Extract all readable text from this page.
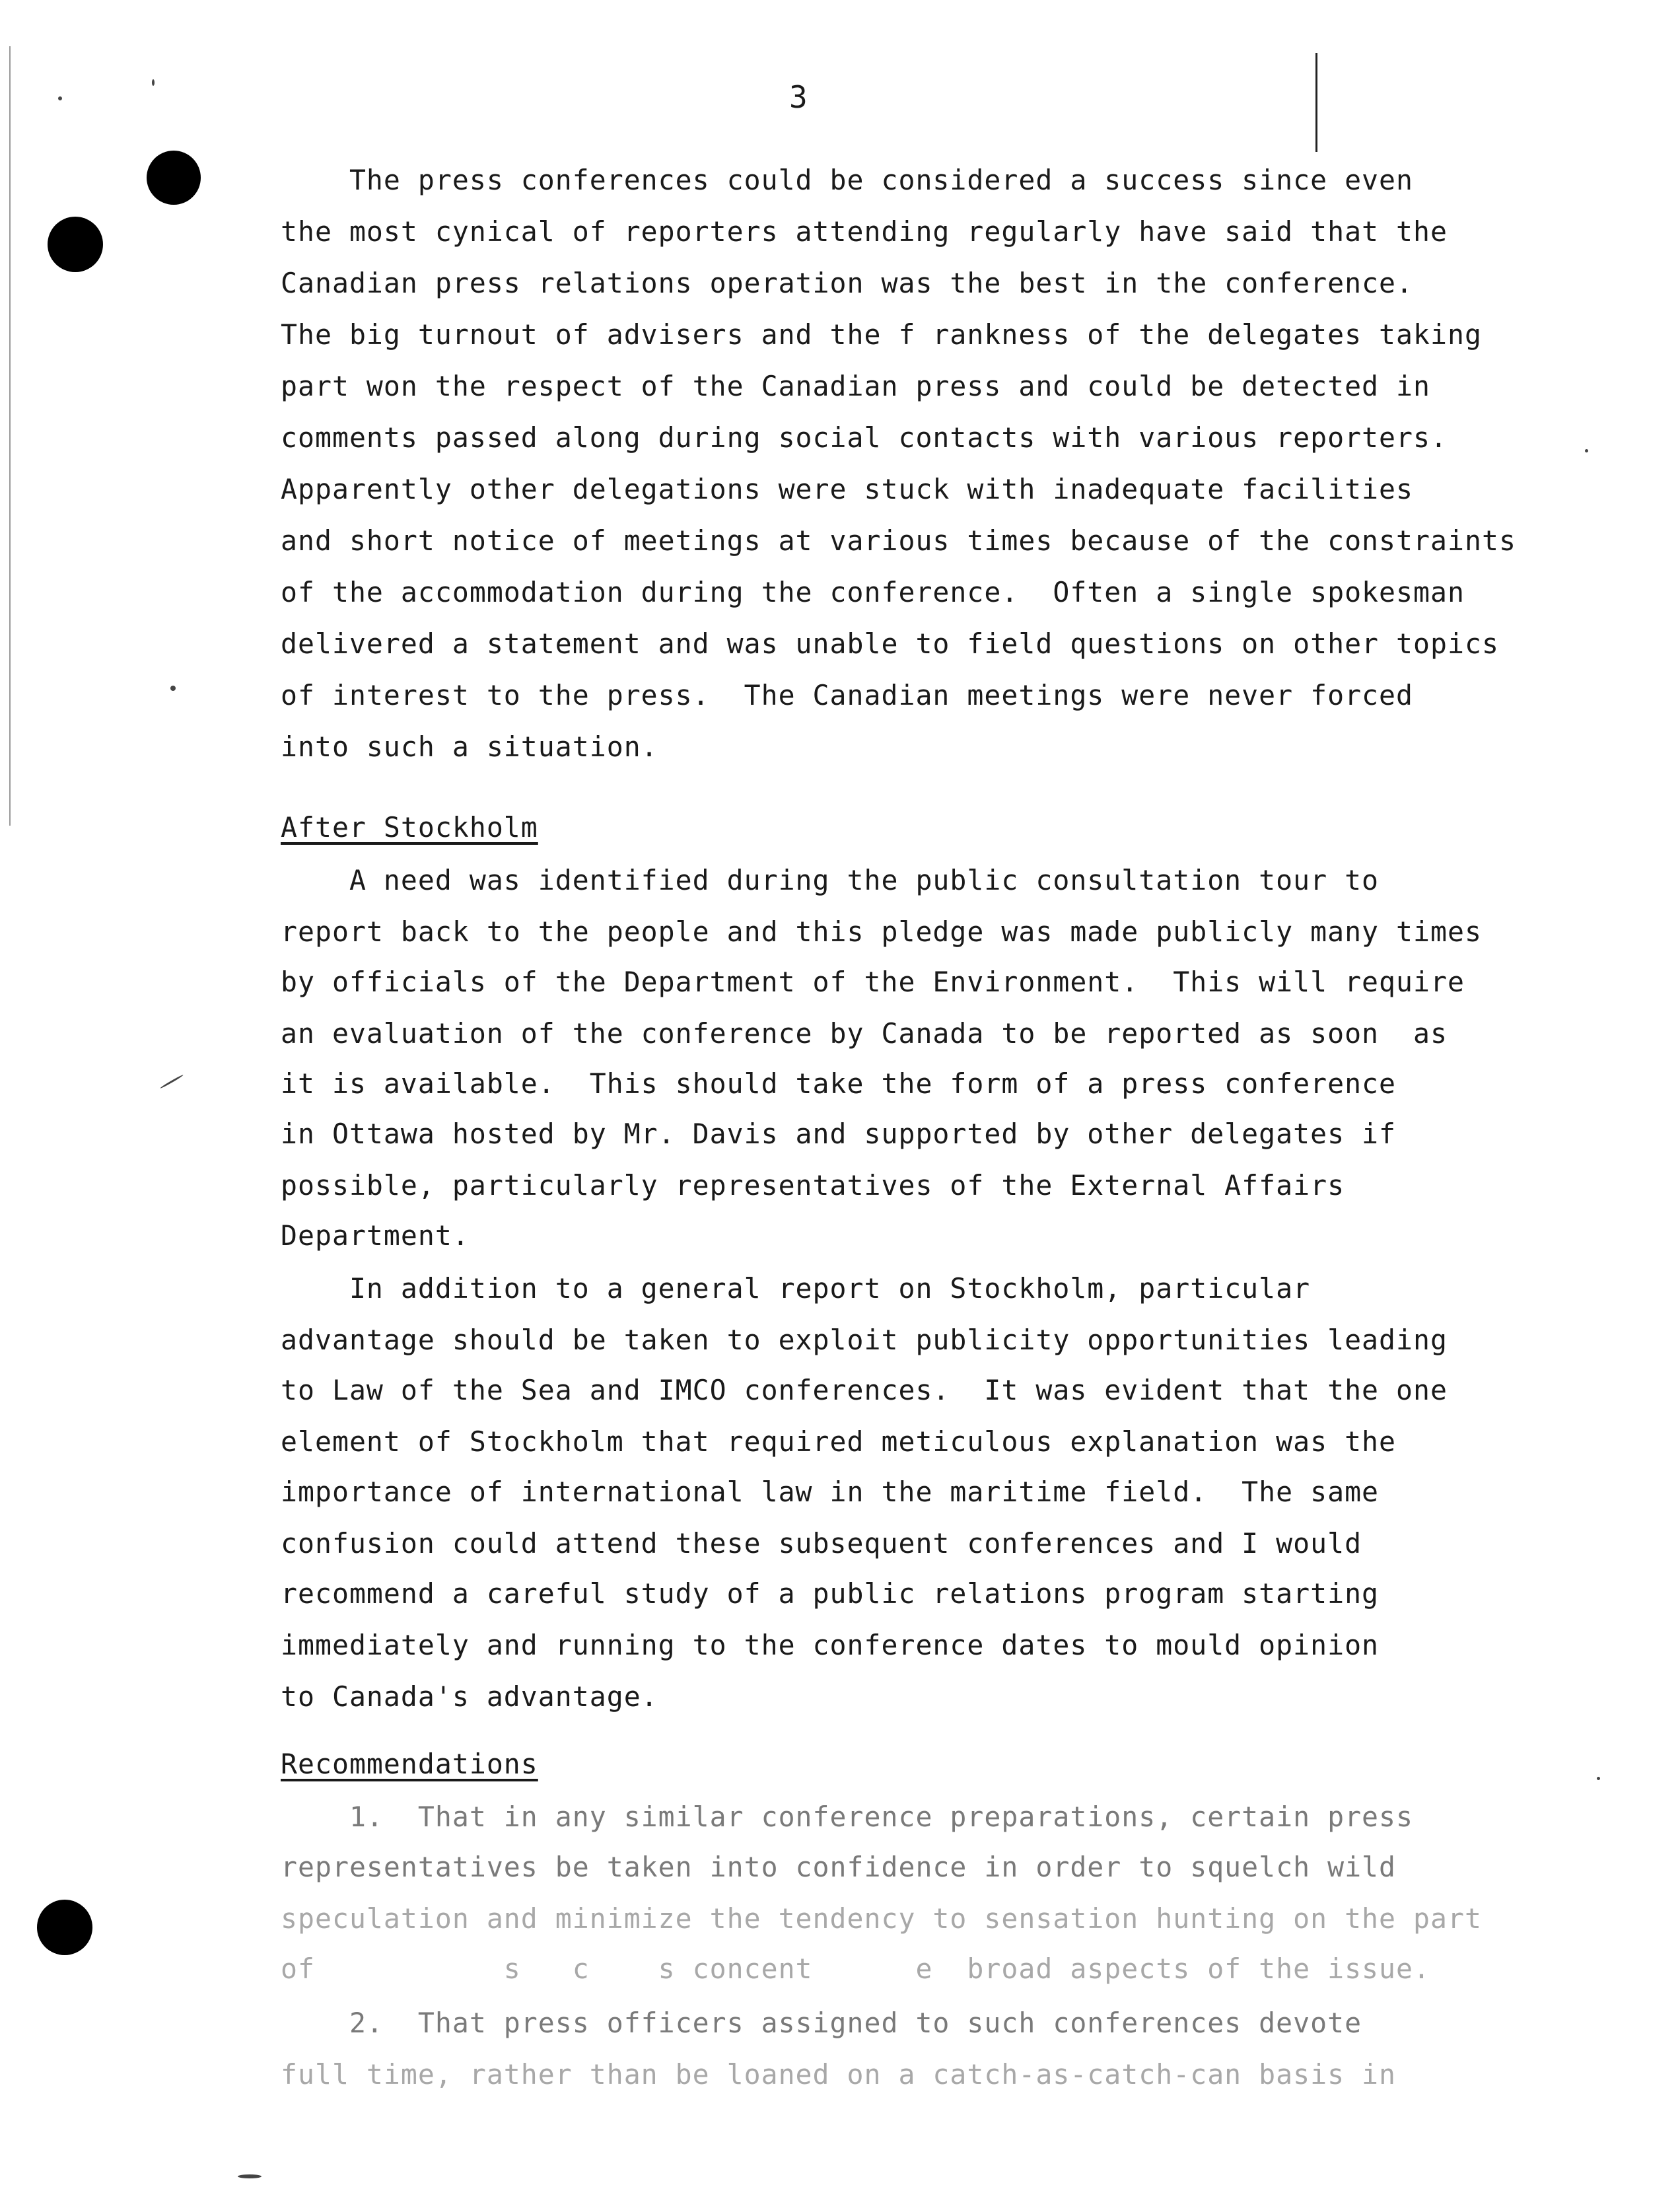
3
The press conferences could be considered a success since even
the most cynical of reporters attending regularly have said that the
Canadian press relations operation was the best in the conference.
The big turnout of advisers and the f rankness of the delegates taking
part won the respect of the Canadian press and could be detected in
comments passed along during social contacts with various reporters.
Apparently other delegations were stuck with inadequate facilities
and short notice of meetings at various times because of the constraints
of the accommodation during the conference.  Often a single spokesman
delivered a statement and was unable to field questions on other topics
of interest to the press.  The Canadian meetings were never forced
into such a situation.
After Stockholm
A need was identified during the public consultation tour to
report back to the people and this pledge was made publicly many times
by officials of the Department of the Environment.  This will require
an evaluation of the conference by Canada to be reported as soon  as
it is available.  This should take the form of a press conference
in Ottawa hosted by Mr. Davis and supported by other delegates if
possible, particularly representatives of the External Affairs
Department.
In addition to a general report on Stockholm, particular
advantage should be taken to exploit publicity opportunities leading
to Law of the Sea and IMCO conferences.  It was evident that the one
element of Stockholm that required meticulous explanation was the
importance of international law in the maritime field.  The same
confusion could attend these subsequent conferences and I would
recommend a careful study of a public relations program starting
immediately and running to the conference dates to mould opinion
to Canada's advantage.
Recommendations
1.  That in any similar conference preparations, certain press
representatives be taken into confidence in order to squelch wild
speculation and minimize the tendency to sensation hunting on the part
of           s   c    s concent      e  broad aspects of the issue.
2.  That press officers assigned to such conferences devote
full time, rather than be loaned on a catch-as-catch-can basis in
